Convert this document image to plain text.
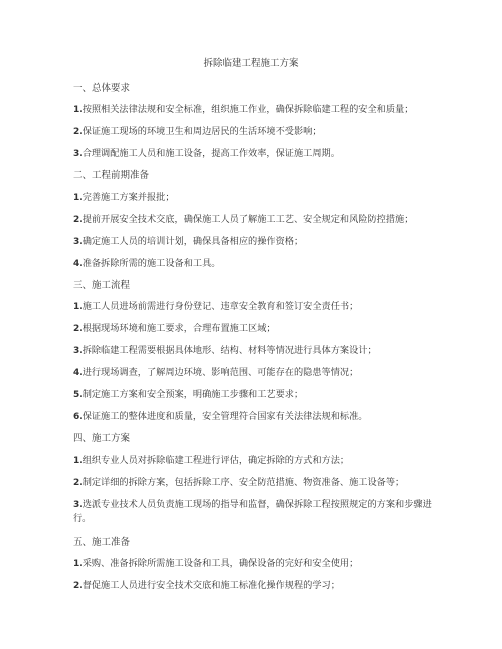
拆除临建工程施工方案
一、总体要求
1.按照相关法律法规和安全标准，组织施工作业，确保拆除临建工程的安全和质量；
2.保证施工现场的环境卫生和周边居民的生活环境不受影响；
3.合理调配施工人员和施工设备，提高工作效率，保证施工周期。
二、工程前期准备
1.完善施工方案并报批；
2.提前开展安全技术交底，确保施工人员了解施工工艺、安全规定和风险防控措施；
3.确定施工人员的培训计划，确保具备相应的操作资格；
4.准备拆除所需的施工设备和工具。
三、施工流程
1.施工人员进场前需进行身份登记、违章安全教育和签订安全责任书；
2.根据现场环境和施工要求，合理布置施工区域；
3.拆除临建工程需要根据具体地形、结构、材料等情况进行具体方案设计；
4.进行现场调查，了解周边环境、影响范围、可能存在的隐患等情况；
5.制定施工方案和安全预案，明确施工步骤和工艺要求；
6.保证施工的整体进度和质量，安全管理符合国家有关法律法规和标准。
四、施工方案
1.组织专业人员对拆除临建工程进行评估，确定拆除的方式和方法；
2.制定详细的拆除方案，包括拆除工序、安全防范措施、物资准备、施工设备等；
3.选派专业技术人员负责施工现场的指导和监督，确保拆除工程按照规定的方案和步骤进行。
五、施工准备
1.采购、准备拆除所需施工设备和工具，确保设备的完好和安全使用；
2.督促施工人员进行安全技术交底和施工标准化操作规程的学习；
